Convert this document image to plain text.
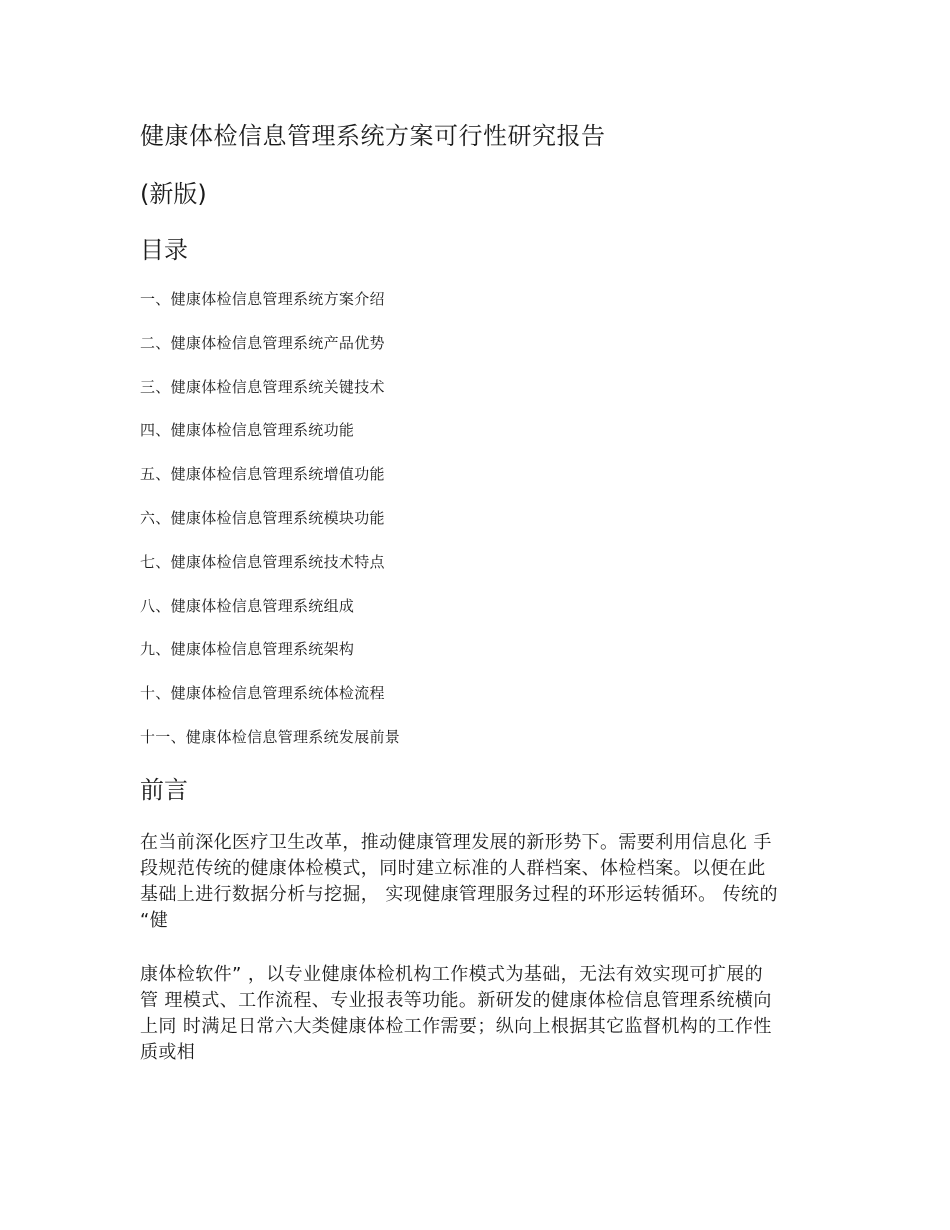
健康体检信息管理系统方案可行性研究报告
(新版)
目录
一、健康体检信息管理系统方案介绍
二、健康体检信息管理系统产品优势
三、健康体检信息管理系统关键技术
四、健康体检信息管理系统功能
五、健康体检信息管理系统增值功能
六、健康体检信息管理系统模块功能
七、健康体检信息管理系统技术特点
八、健康体检信息管理系统组成
九、健康体检信息管理系统架构
十、健康体检信息管理系统体检流程
十一、健康体检信息管理系统发展前景
前言

在当前深化医疗卫生改革，推动健康管理发展的新形势下。需要利用信息化 手
段规范传统的健康体检模式，同时建立标准的人群档案、体检档案。以便在此
基础上进行数据分析与挖掘， 实现健康管理服务过程的环形运转循环。 传统的
“健

康体检软件” ，以专业健康体检机构工作模式为基础，无法有效实现可扩展的
管 理模式、工作流程、专业报表等功能。新研发的健康体检信息管理系统横向
上同 时满足日常六大类健康体检工作需要；纵向上根据其它监督机构的工作性
质或相
